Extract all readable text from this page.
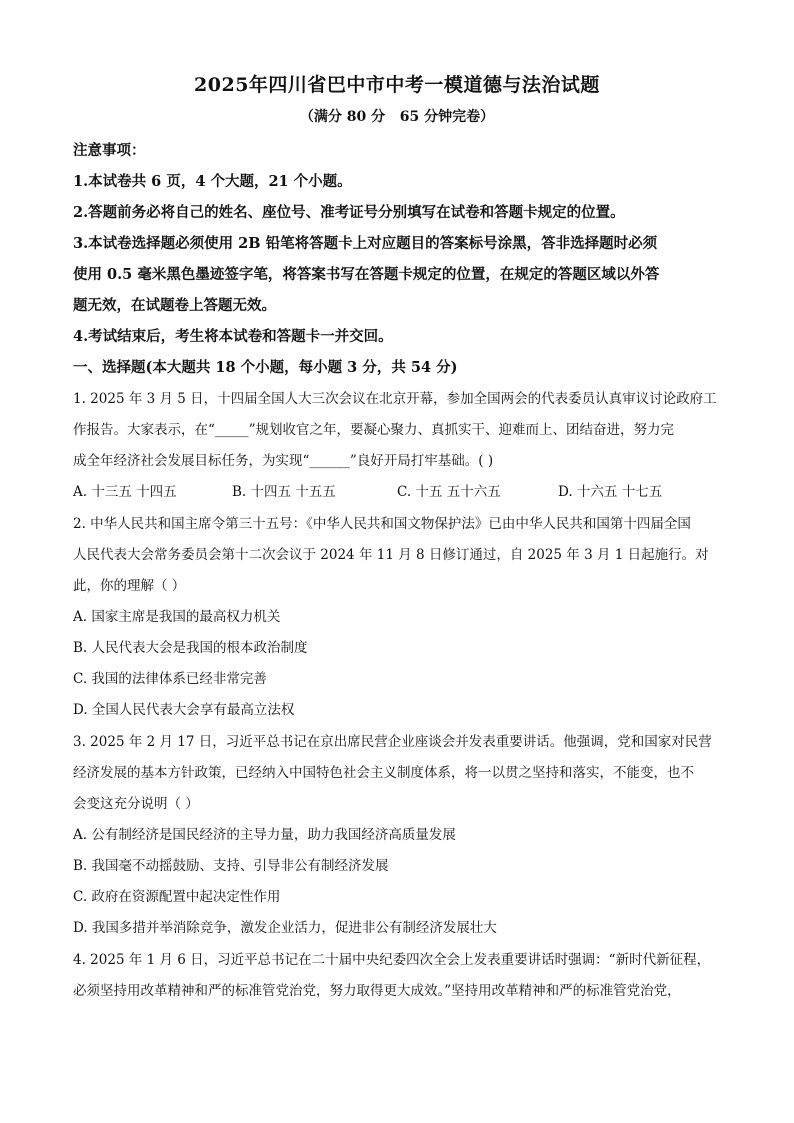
2025年四川省巴中市中考一模道德与法治试题
（满分 80 分   65 分钟完卷）
注意事项：
1.本试卷共 6 页，4 个大题，21 个小题。
2.答题前务必将自己的姓名、座位号、准考证号分别填写在试卷和答题卡规定的位置。
3.本试卷选择题必须使用 2B 铅笔将答题卡上对应题目的答案标号涂黑，答非选择题时必须
使用 0.5 毫米黑色墨迹签字笔，将答案书写在答题卡规定的位置，在规定的答题区域以外答
题无效，在试题卷上答题无效。
4.考试结束后，考生将本试卷和答题卡一并交回。
一、选择题(本大题共 18 个小题，每小题 3 分，共 54 分)
1. 2025 年 3 月 5 日，十四届全国人大三次会议在北京开幕，参加全国两会的代表委员认真审议讨论政府工
作报告。大家表示，在“_____”规划收官之年，要凝心聚力、真抓实干、迎难而上、团结奋进，努力完
成全年经济社会发展目标任务，为实现“______”良好开局打牢基础。( )
A. 十三五 十四五	B. 十四五 十五五	C. 十五 五十六五	D. 十六五 十七五
2. 中华人民共和国主席令第三十五号：《中华人民共和国文物保护法》已由中华人民共和国第十四届全国
人民代表大会常务委员会第十二次会议于 2024 年 11 月 8 日修订通过，自 2025 年 3 月 1 日起施行。对
此，你的理解（ ）
A. 国家主席是我国的最高权力机关
B. 人民代表大会是我国的根本政治制度
C. 我国的法律体系已经非常完善
D. 全国人民代表大会享有最高立法权
3. 2025 年 2 月 17 日，习近平总书记在京出席民营企业座谈会并发表重要讲话。他强调，党和国家对民营
经济发展的基本方针政策，已经纳入中国特色社会主义制度体系，将一以贯之坚持和落实，不能变，也不
会变这充分说明（ ）
A. 公有制经济是国民经济的主导力量，助力我国经济高质量发展
B. 我国毫不动摇鼓励、支持、引导非公有制经济发展
C. 政府在资源配置中起决定性作用
D. 我国多措并举消除竞争，激发企业活力，促进非公有制经济发展壮大
4. 2025 年 1 月 6 日，习近平总书记在二十届中央纪委四次全会上发表重要讲话时强调：“新时代新征程，
必须坚持用改革精神和严的标准管党治党，努力取得更大成效。”坚持用改革精神和严的标准管党治党，
